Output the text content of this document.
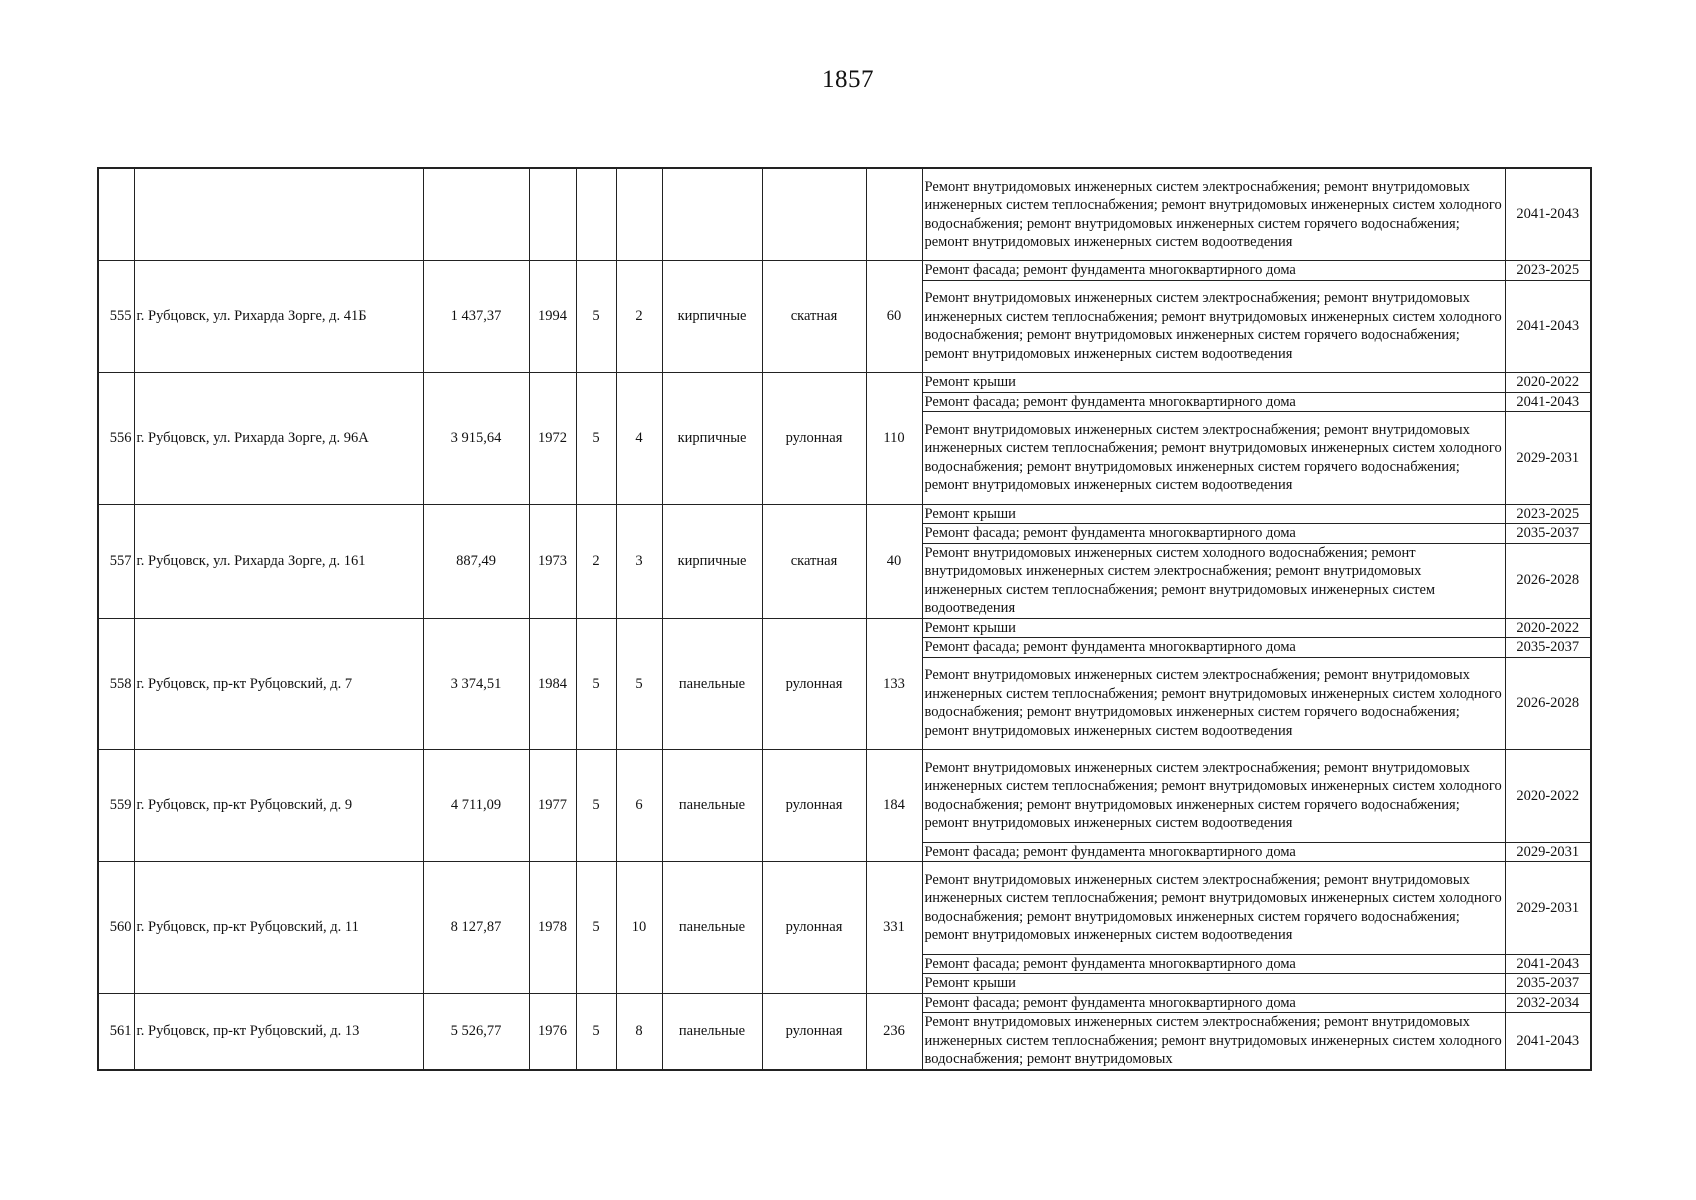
1857
									Ремонт внутридомовых инженерных систем электроснабжения; ремонт внутридомовых инженерных систем теплоснабжения; ремонт внутридомовых инженерных систем холодного водоснабжения; ремонт внутридомовых инженерных систем горячего водоснабжения; ремонт внутридомовых инженерных систем водоотведения	2041-2043
555	г. Рубцовск, ул. Рихарда Зорге, д. 41Б	1 437,37	1994	5	2	кирпичные	скатная	60	Ремонт фасада; ремонт фундамента многоквартирного дома	2023-2025
									Ремонт внутридомовых инженерных систем электроснабжения; ремонт внутридомовых инженерных систем теплоснабжения; ремонт внутридомовых инженерных систем холодного водоснабжения; ремонт внутридомовых инженерных систем горячего водоснабжения; ремонт внутридомовых инженерных систем водоотведения	2041-2043
556	г. Рубцовск, ул. Рихарда Зорге, д. 96А	3 915,64	1972	5	4	кирпичные	рулонная	110	Ремонт крыши	2020-2022
									Ремонт фасада; ремонт фундамента многоквартирного дома	2041-2043
									Ремонт внутридомовых инженерных систем электроснабжения; ремонт внутридомовых инженерных систем теплоснабжения; ремонт внутридомовых инженерных систем холодного водоснабжения; ремонт внутридомовых инженерных систем горячего водоснабжения; ремонт внутридомовых инженерных систем водоотведения	2029-2031
557	г. Рубцовск, ул. Рихарда Зорге, д. 161	887,49	1973	2	3	кирпичные	скатная	40	Ремонт крыши	2023-2025
									Ремонт фасада; ремонт фундамента многоквартирного дома	2035-2037
									Ремонт внутридомовых инженерных систем холодного водоснабжения; ремонт внутридомовых инженерных систем электроснабжения; ремонт внутридомовых инженерных систем теплоснабжения; ремонт внутридомовых инженерных систем водоотведения	2026-2028
558	г. Рубцовск, пр-кт Рубцовский, д. 7	3 374,51	1984	5	5	панельные	рулонная	133	Ремонт крыши	2020-2022
									Ремонт фасада; ремонт фундамента многоквартирного дома	2035-2037
									Ремонт внутридомовых инженерных систем электроснабжения; ремонт внутридомовых инженерных систем теплоснабжения; ремонт внутридомовых инженерных систем холодного водоснабжения; ремонт внутридомовых инженерных систем горячего водоснабжения; ремонт внутридомовых инженерных систем водоотведения	2026-2028
559	г. Рубцовск, пр-кт Рубцовский, д. 9	4 711,09	1977	5	6	панельные	рулонная	184	Ремонт внутридомовых инженерных систем электроснабжения; ремонт внутридомовых инженерных систем теплоснабжения; ремонт внутридомовых инженерных систем холодного водоснабжения; ремонт внутридомовых инженерных систем горячего водоснабжения; ремонт внутридомовых инженерных систем водоотведения	2020-2022
									Ремонт фасада; ремонт фундамента многоквартирного дома	2029-2031
560	г. Рубцовск, пр-кт Рубцовский, д. 11	8 127,87	1978	5	10	панельные	рулонная	331	Ремонт внутридомовых инженерных систем электроснабжения; ремонт внутридомовых инженерных систем теплоснабжения; ремонт внутридомовых инженерных систем холодного водоснабжения; ремонт внутридомовых инженерных систем горячего водоснабжения; ремонт внутридомовых инженерных систем водоотведения	2029-2031
									Ремонт фасада; ремонт фундамента многоквартирного дома	2041-2043
									Ремонт крыши	2035-2037
561	г. Рубцовск, пр-кт Рубцовский, д. 13	5 526,77	1976	5	8	панельные	рулонная	236	Ремонт фасада; ремонт фундамента многоквартирного дома	2032-2034
									Ремонт внутридомовых инженерных систем электроснабжения; ремонт внутридомовых инженерных систем теплоснабжения; ремонт внутридомовых инженерных систем холодного водоснабжения; ремонт внутридомовых	2041-2043
